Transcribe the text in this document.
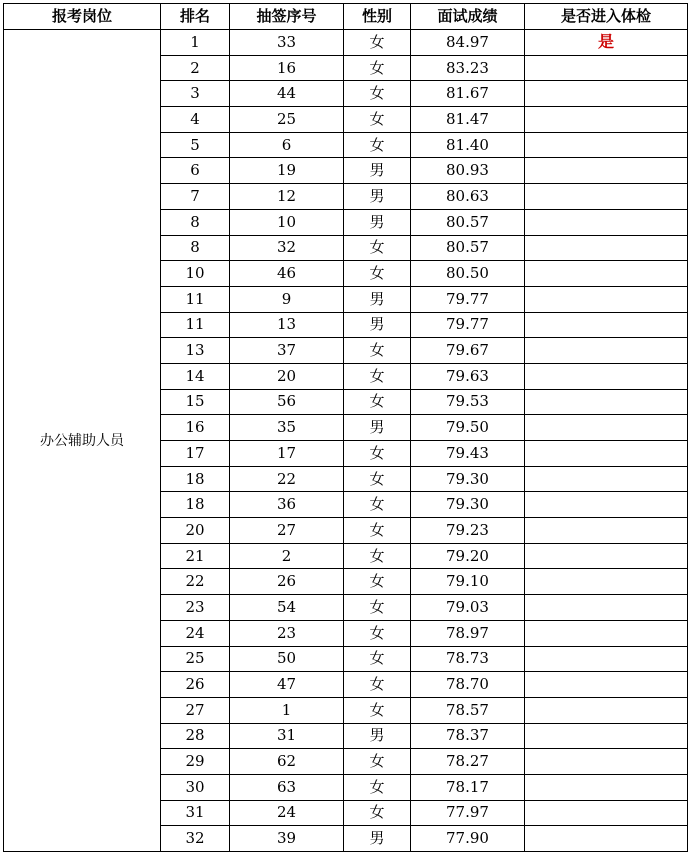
报考岗位	排名	抽签序号	性别	面试成绩	是否进入体检
办公辅助人员	1	33	女	84.97	是
	2	16	女	83.23	
	3	44	女	81.67	
	4	25	女	81.47	
	5	6	女	81.40	
	6	19	男	80.93	
	7	12	男	80.63	
	8	10	男	80.57	
	8	32	女	80.57	
	10	46	女	80.50	
	11	9	男	79.77	
	11	13	男	79.77	
	13	37	女	79.67	
	14	20	女	79.63	
	15	56	女	79.53	
	16	35	男	79.50	
	17	17	女	79.43	
	18	22	女	79.30	
	18	36	女	79.30	
	20	27	女	79.23	
	21	2	女	79.20	
	22	26	女	79.10	
	23	54	女	79.03	
	24	23	女	78.97	
	25	50	女	78.73	
	26	47	女	78.70	
	27	1	女	78.57	
	28	31	男	78.37	
	29	62	女	78.27	
	30	63	女	78.17	
	31	24	女	77.97	
	32	39	男	77.90	
